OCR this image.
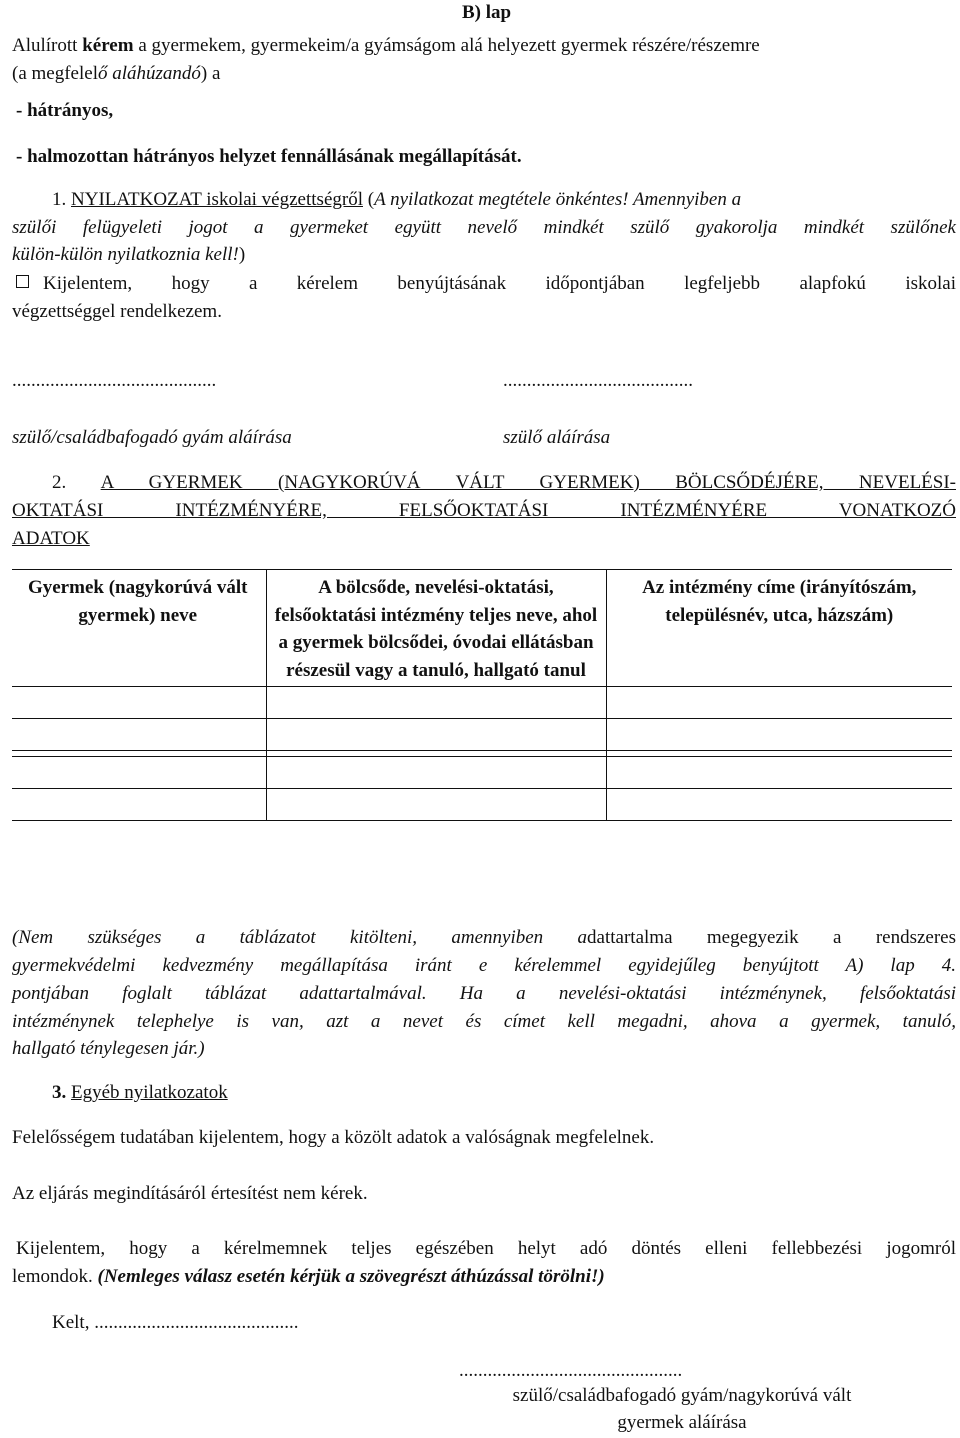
B) lap
Alulírott kérem a gyermekem, gyermekeim/a gyámságom alá helyezett gyermek részére/részemre
(a megfelelő aláhúzandó) a
- hátrányos,
- halmozottan hátrányos helyzet fennállásának megállapítását.
1. NYILATKOZAT iskolai végzettségről (A nyilatkozat megtétele önkéntes! Amennyiben a
szülői felügyeleti jogot a gyermeket együtt nevelő mindkét szülő gyakorolja mindkét szülőnek
külön-külön nyilatkoznia kell!)
Kijelentem, hogy a kérelem benyújtásának időpontjában legfeljebb alapfokú iskolai
végzettséggel rendelkezem.
...........................................	........................................
szülő/családbafogadó gyám aláírása	szülő aláírása
2. A GYERMEK (NAGYKORÚVÁ VÁLT GYERMEK) BÖLCSŐDÉJÉRE, NEVELÉSI-
OKTATÁSI INTÉZMÉNYÉRE, FELSŐOKTATÁSI INTÉZMÉNYÉRE VONATKOZÓ
ADATOK
Gyermek (nagykorúvá vált gyermek) neve	A bölcsőde, nevelési-oktatási, felsőoktatási intézmény teljes neve, ahol a gyermek bölcsődei, óvodai ellátásban részesül vagy a tanuló, hallgató tanul	Az intézmény címe (irányítószám, településnév, utca, házszám)

(Nem szükséges a táblázatot kitölteni, amennyiben adattartalma megegyezik a rendszeres
gyermekvédelmi kedvezmény megállapítása iránt e kérelemmel egyidejűleg benyújtott A) lap 4.
pontjában foglalt táblázat adattartalmával. Ha a nevelési-oktatási intézménynek, felsőoktatási
intézménynek telephelye is van, azt a nevet és címet kell megadni, ahova a gyermek, tanuló,
hallgató ténylegesen jár.)
3. Egyéb nyilatkozatok
Felelősségem tudatában kijelentem, hogy a közölt adatok a valóságnak megfelelnek.
Az eljárás megindításáról értesítést nem kérek.
Kijelentem, hogy a kérelmemnek teljes egészében helyt adó döntés elleni fellebbezési jogomról
lemondok. (Nemleges válasz esetén kérjük a szövegrészt áthúzással törölni!)
Kelt, ...........................................
...............................................
szülő/családbafogadó gyám/nagykorúvá vált
gyermek aláírása
